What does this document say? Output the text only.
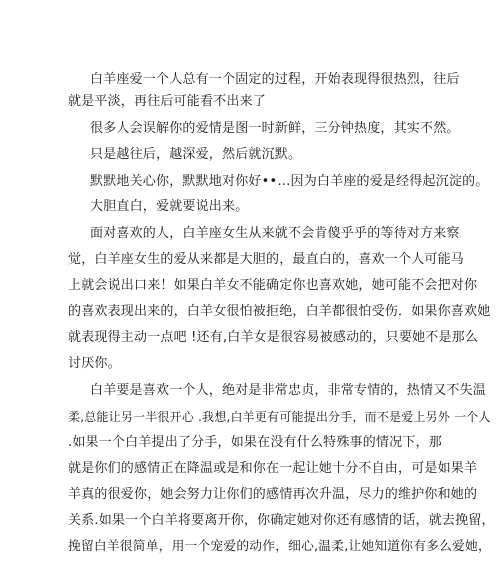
白羊座爱一个人总有一个固定的过程，开始表现得很热烈，往后
就是平淡，再往后可能看不出来了
很多人会误解你的爱情是图一时新鲜，三分钟热度，其实不然。
只是越往后，越深爱，然后就沉默。
默默地关心你，默默地对你好••…因为白羊座的爱是经得起沉淀的。
大胆直白，爱就要说出来。
面对喜欢的人，白羊座女生从来就不会肯傻乎乎的等待对方来察
觉，白羊座女生的爱从来都是大胆的，最直白的，喜欢一个人可能马
上就会说出口来！如果白羊女不能确定你也喜欢她，她可能不会把对你
的喜欢表现出来的，白羊女很怕被拒绝，白羊都很怕受伤．如果你喜欢她
就表现得主动一点吧 !还有,白羊女是很容易被感动的，只要她不是那么
讨厌你。
白羊要是喜欢一个人，绝对是非常忠贞，非常专情的，热情又不失温
柔,总能让另一半很开心 .我想,白羊更有可能提出分手，而不是爱上另外 一个人
.如果一个白羊提出了分手，如果在没有什么特殊事的情况下，那
就是你们的感情正在降温或是和你在一起让她十分不自由，可是如果羊
羊真的很爱你，她会努力让你们的感情再次升温，尽力的维护你和她的
关系.如果一个白羊将要离开你，你确定她对你还有感情的话，就去挽留，
挽留白羊很简单，用一个宠爱的动作，细心,温柔,让她知道你有多么爱她，
